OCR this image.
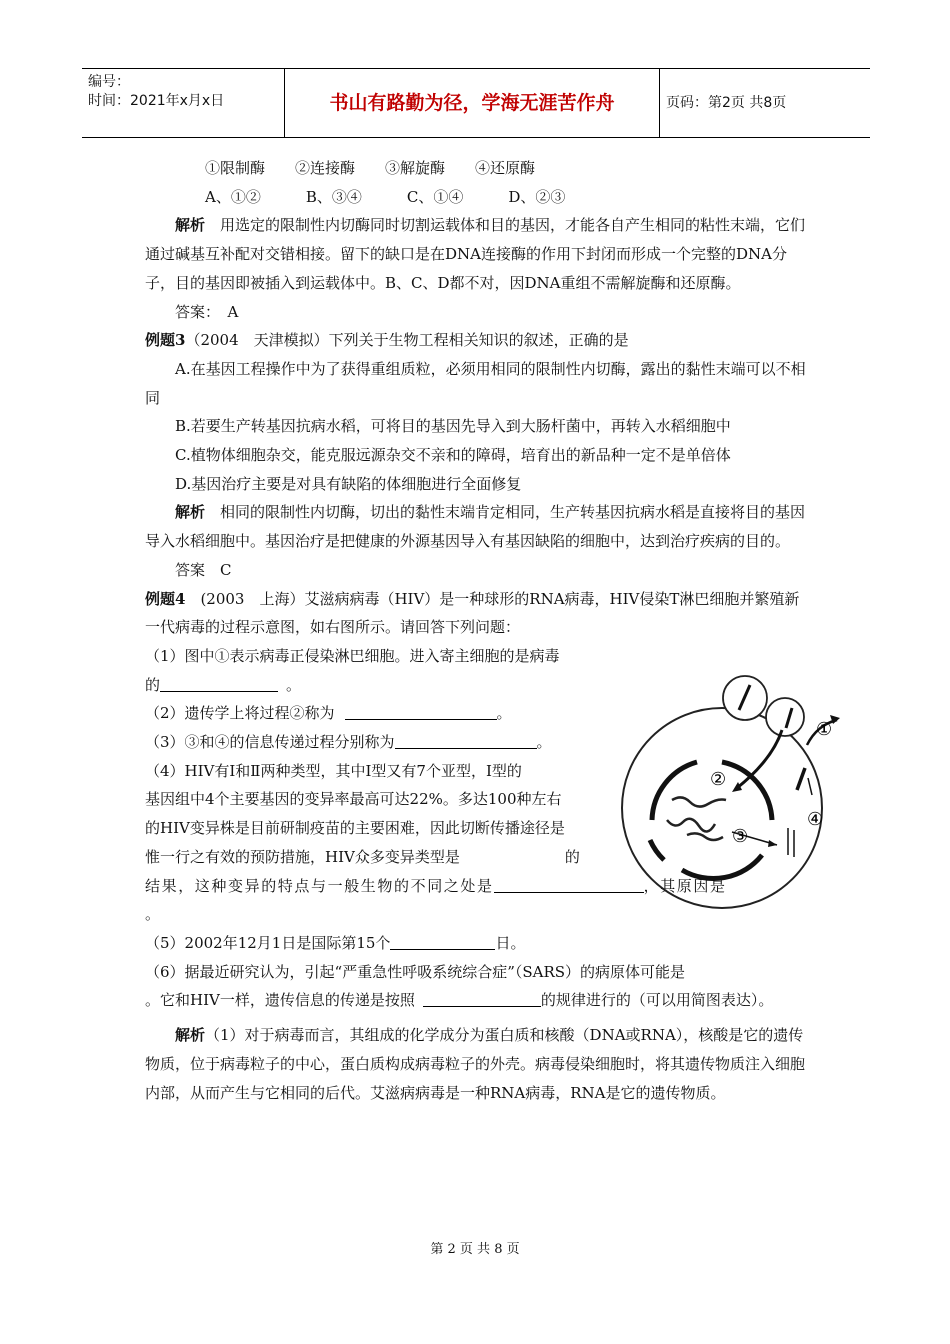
编号：
时间：2021年x月x日	书山有路勤为径，学海无涯苦作舟	页码：第2页 共8页

①限制酶　　②连接酶　　③解旋酶　　④还原酶

A、①②　　　B、③④　　　C、①④　　　D、②③

解析　用选定的限制性内切酶同时切割运载体和目的基因，才能各自产生相同的粘性末端，它们通过碱基互补配对交错相接。留下的缺口是在DNA连接酶的作用下封闭而形成一个完整的DNA分子，目的基因即被插入到运载体中。B、C、D都不对，因DNA重组不需解旋酶和还原酶。

答案：　A

例题3（2004　天津模拟）下列关于生物工程相关知识的叙述，正确的是

A.在基因工程操作中为了获得重组质粒，必须用相同的限制性内切酶，露出的黏性末端可以不相同

B.若要生产转基因抗病水稻，可将目的基因先导入到大肠杆菌中，再转入水稻细胞中

C.植物体细胞杂交，能克服远源杂交不亲和的障碍，培育出的新品种一定不是单倍体

D.基因治疗主要是对具有缺陷的体细胞进行全面修复

解析　相同的限制性内切酶，切出的黏性末端肯定相同，生产转基因抗病水稻是直接将目的基因导入水稻细胞中。基因治疗是把健康的外源基因导入有基因缺陷的细胞中，达到治疗疾病的目的。

答案　C

例题4　(2003　上海）艾滋病病毒（HIV）是一种球形的RNA病毒，HIV侵染T淋巴细胞并繁殖新一代病毒的过程示意图，如右图所示。请回答下列问题：

（1）图中①表示病毒正侵染淋巴细胞。进入寄主细胞的是病毒

的	。

（2）遗传学上将过程②称为	。

（3）③和④的信息传递过程分别称为	。

（4）HIV有Ⅰ和Ⅱ两种类型，其中Ⅰ型又有7个亚型，Ⅰ型的

基因组中4个主要基因的变异率最高可达22%。多达100种左右

的HIV变异株是目前研制疫苗的主要困难，因此切断传播途径是

惟一行之有效的预防措施，HIV众多变异类型是	的

结果，这种变异的特点与一般生物的不同之处是	，其原因是

。

（5）2002年12月1日是国际第15个	日。

（6）据最近研究认为，引起“严重急性呼吸系统综合症”（SARS）的病原体可能是

。它和HIV一样，遗传信息的传递是按照	的规律进行的（可以用简图表达）。

解析（1）对于病毒而言，其组成的化学成分为蛋白质和核酸（DNA或RNA），核酸是它的遗传物质，位于病毒粒子的中心，蛋白质构成病毒粒子的外壳。病毒侵染细胞时，将其遗传物质注入细胞内部，从而产生与它相同的后代。艾滋病病毒是一种RNA病毒，RNA是它的遗传物质。

①
②
③
④
第 2 页 共 8 页
